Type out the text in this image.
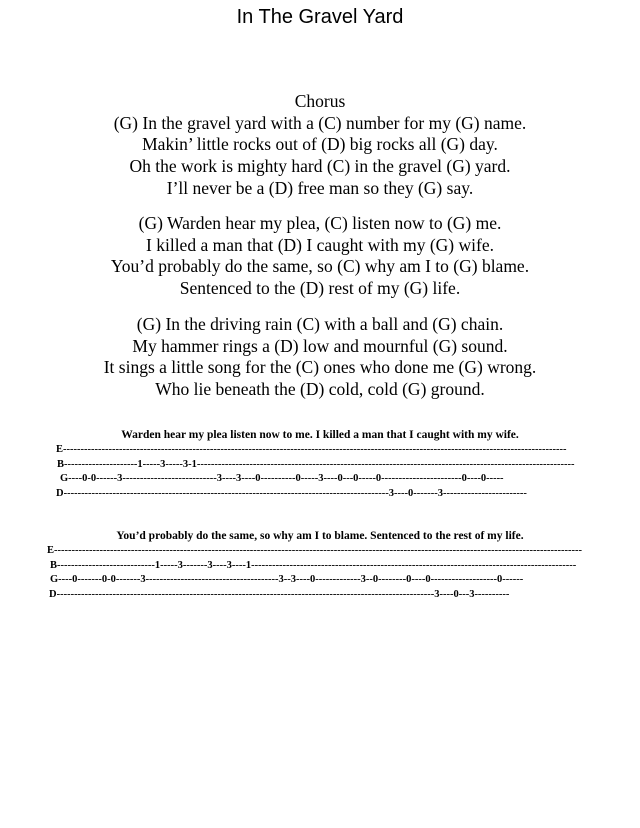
In The Gravel Yard
Chorus
(G) In the gravel yard with a (C) number for my (G) name.
Makin’ little rocks out of (D) big rocks all (G) day.
Oh the work is mighty hard (C) in the gravel (G) yard.
I’ll never be a (D) free man so they (G) say.
(G) Warden hear my plea, (C) listen now to (G) me.
I killed a man that (D) I caught with my (G) wife.
You’d probably do the same, so (C) why am I to (G) blame.
Sentenced to the (D) rest of my (G) life.
(G) In the driving rain (C) with a ball and (G) chain.
My hammer rings a (D) low and mournful (G) sound.
It sings a little song for the (C) ones who done me (G) wrong.
Who lie beneath the (D) cold, cold (G) ground.
Warden hear my plea listen now to me. I killed a man that I caught with my wife.
E------------------------------------------------------------------------------------------------------------------------------------------------
B---------------------1-----3-----3-1------------------------------------------------------------------------------------------------------------
G----0-0------3---------------------------3----3----0----------0-----3----0---0-----0-----------------------0----0-----
D---------------------------------------------------------------------------------------------3----0-------3------------------------
You’d probably do the same, so why am I to blame. Sentenced to the rest of my life.
E-------------------------------------------------------------------------------------------------------------------------------------------------------
B----------------------------1-----3-------3----3----1---------------------------------------------------------------------------------------------
G----0-------0-0-------3--------------------------------------3--3----0-------------3--0--------0----0-------------------0------
D------------------------------------------------------------------------------------------------------------3----0---3----------
